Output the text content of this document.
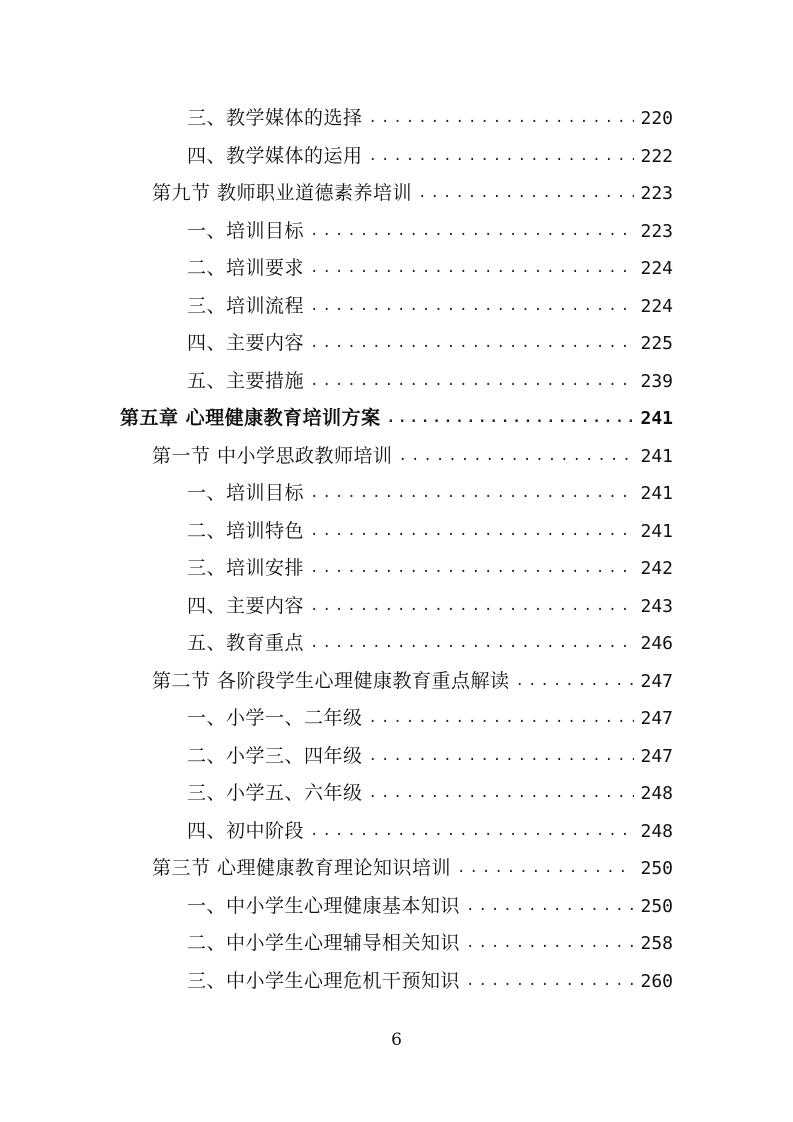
三、教学媒体的选择 .....	220
四、教学媒体的运用 .....	222
第九节 教师职业道德素养培训 .....	223
一、培训目标 .....	223
二、培训要求 .....	224
三、培训流程 .....	224
四、主要内容 .....	225
五、主要措施 .....	239
第五章 心理健康教育培训方案 .....	241
第一节 中小学思政教师培训 .....	241
一、培训目标 .....	241
二、培训特色 .....	241
三、培训安排 .....	242
四、主要内容 .....	243
五、教育重点 .....	246
第二节 各阶段学生心理健康教育重点解读 .....	247
一、小学一、二年级 .....	247
二、小学三、四年级 .....	247
三、小学五、六年级 .....	248
四、初中阶段 .....	248
第三节 心理健康教育理论知识培训 .....	250
一、中小学生心理健康基本知识 .....	250
二、中小学生心理辅导相关知识 .....	258
三、中小学生心理危机干预知识 .....	260
6
